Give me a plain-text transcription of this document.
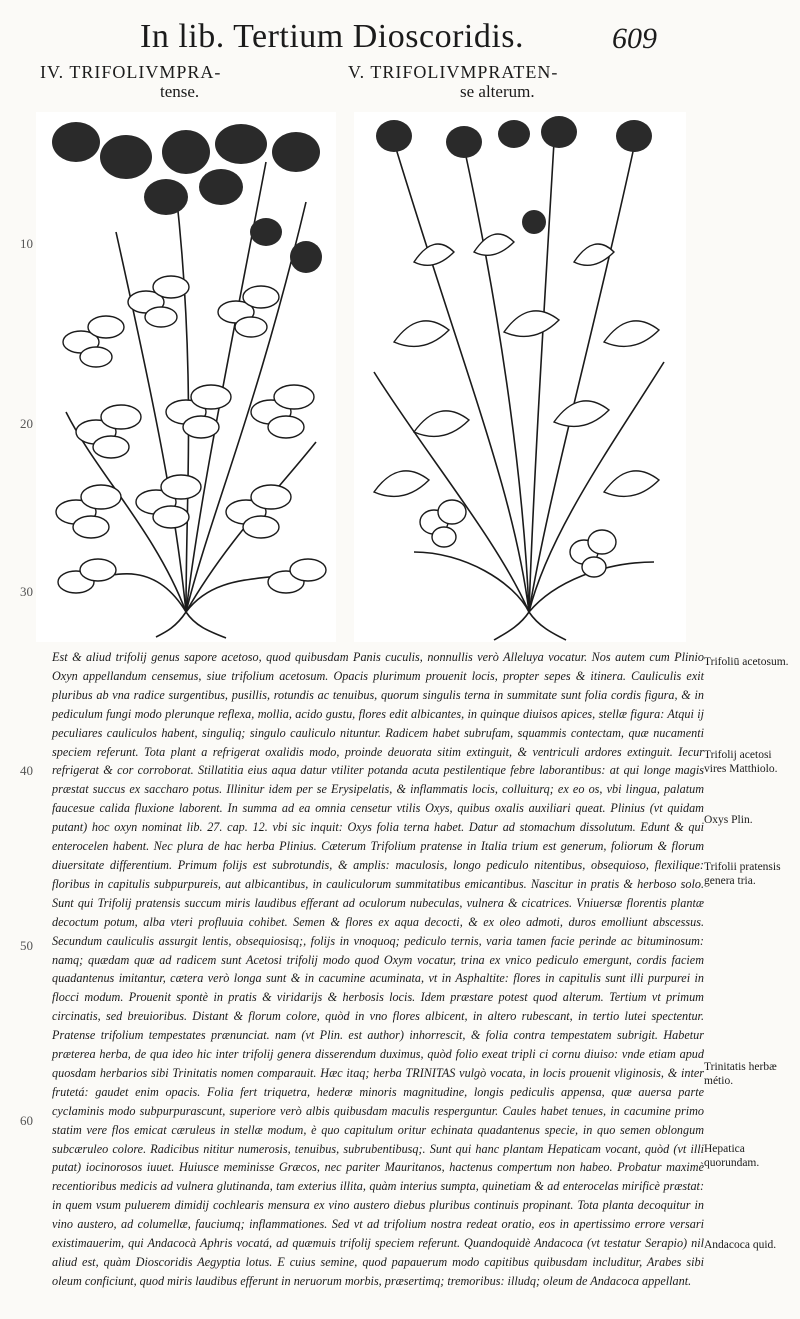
In lib. Tertium Dioscoridis.	609
IV. TRIFOLIVMPRA-
tense.
V. TRIFOLIVMPRATEN-
se alterum.
10
20
30
40
50
60

Est & aliud trifolij genus sapore acetoso, quod quibusdam Panis cuculis, nonnullis verò Alleluya vocatur. Nos autem cum Plinio Oxyn appellandum censemus, siue trifolium acetosum. Opacis plurimum prouenit locis, propter sepes & itinera. Cauliculis exit pluribus ab vna radice surgentibus, pusillis, rotundis ac tenuibus, quorum singulis terna in summitate sunt folia cordis figura, & in pediculum fungi modo plerunque reflexa, mollia, acido gustu, flores edit albicantes, in quinque diuisos apices, stellæ figura: Atqui ij peculiares cauliculos habent, singuliq; singulo cauliculo nituntur. Radicem habet subrufam, squammis contectam, quæ nucamenti speciem referunt. Tota plant a refrigerat oxalidis modo, proinde deuorata sitim extinguit, & ventriculi ardores extinguit. Iecur refrigerat & cor corroborat. Stillatitia eius aqua datur vtiliter potanda acuta pestilentique febre laborantibus: at qui longe magis præstat succus ex saccharo potus. Illinitur idem per se Erysipelatis, & inflammatis locis, colluiturq; ex eo os, vbi lingua, palatum faucesue calida fluxione laborent. In summa ad ea omnia censetur vtilis Oxys, quibus oxalis auxiliari queat. Plinius (vt quidam putant) hoc oxyn nominat lib. 27. cap. 12. vbi sic inquit: Oxys folia terna habet. Datur ad stomachum dissolutum. Edunt & qui enterocelen habent. Nec plura de hac herba Plinius. Cæterum Trifolium pratense in Italia trium est generum, foliorum & florum diuersitate differentium. Primum folijs est subrotundis, & amplis: maculosis, longo pediculo nitentibus, obsequioso, flexilique: floribus in capitulis subpurpureis, aut albicantibus, in cauliculorum summitatibus emicantibus. Nascitur in pratis & herboso solo. Sunt qui Trifolij pratensis succum miris laudibus efferant ad oculorum nubeculas, vulnera & cicatrices. Vniuersæ florentis plantæ decoctum potum, alba vteri profluuia cohibet. Semen & flores ex aqua decocti, & ex oleo admoti, duros emolliunt abscessus. Secundum cauliculis assurgit lentis, obsequiosisq;, folijs in vnoquoq; pediculo ternis, varia tamen facie perinde ac bituminosum: namq; quædam quæ ad radicem sunt Acetosi trifolij modo quod Oxym vocatur, trina ex vnico pediculo emergunt, cordis faciem quadantenus imitantur, cætera verò longa sunt & in cacumine acuminata, vt in Asphaltite: flores in capitulis sunt illi purpurei in flocci modum. Prouenit spontè in pratis & viridarijs & herbosis locis. Idem præstare potest quod alterum. Tertium vt primum circinatis, sed breuioribus. Distant & florum colore, quòd in vno flores albicent, in altero rubescant, in tertio lutei spectentur. Pratense trifolium tempestates prænunciat. nam (vt Plin. est author) inhorrescit, & folia contra tempestatem subrigit. Habetur præterea herba, de qua ideo hic inter trifolij genera disserendum duximus, quòd folio exeat tripli ci cornu diuiso: vnde etiam apud quosdam herbarios sibi Trinitatis nomen comparauit. Hæc itaq; herba TRINITAS vulgò vocata, in locis prouenit vliginosis, & inter frutetá: gaudet enim opacis. Folia fert triquetra, hederæ minoris magnitudine, longis pediculis appensa, quæ auersa parte cyclaminis modo subpurpurascunt, superiore verò albis quibusdam maculis resperguntur. Caules habet tenues, in cacumine primo statim vere flos emicat cæruleus in stellæ modum, è quo capitulum oritur echinata quadantenus specie, in quo semen oblongum subcæruleo colore. Radicibus nititur numerosis, tenuibus, subrubentibusq;. Sunt qui hanc plantam Hepaticam vocant, quòd (vt illi putat) iocinorosos iuuet. Huiusce meminisse Græcos, nec pariter Mauritanos, hactenus compertum non habeo. Probatur maximè recentioribus medicis ad vulnera glutinanda, tam exterius illita, quàm interius sumpta, quinetiam & ad enterocelas mirificè præstat: in quem vsum puluerem dimidij cochlearis mensura ex vino austero diebus pluribus continuis propinant. Tota planta decoquitur in vino austero, ad columellæ, fauciumq; inflammationes. Sed vt ad trifolium nostra redeat oratio, eos in apertissimo errore versari existimauerim, qui Andacocà Aphris vocatá, ad quæmuis trifolij speciem referunt. Quandoquidè Andacoca (vt testatur Serapio) nil aliud est, quàm Dioscoridis Aegyptia lotus. E cuius semine, quod papauerum modo capitibus quibusdam includitur, Arabes sibi oleum conficiunt, quod miris laudibus efferunt in neruorum morbis, præsertimq; tremoribus: illudq; oleum de Andacoca appellant.

Trifoliū acetosum.
Trifolij acetosi vires Matthiolo.
Oxys Plin.
Trifolii pratensis genera tria.
Trinitatis herbæ métio.
Hepatica quorundam.
Andacoca quid.
